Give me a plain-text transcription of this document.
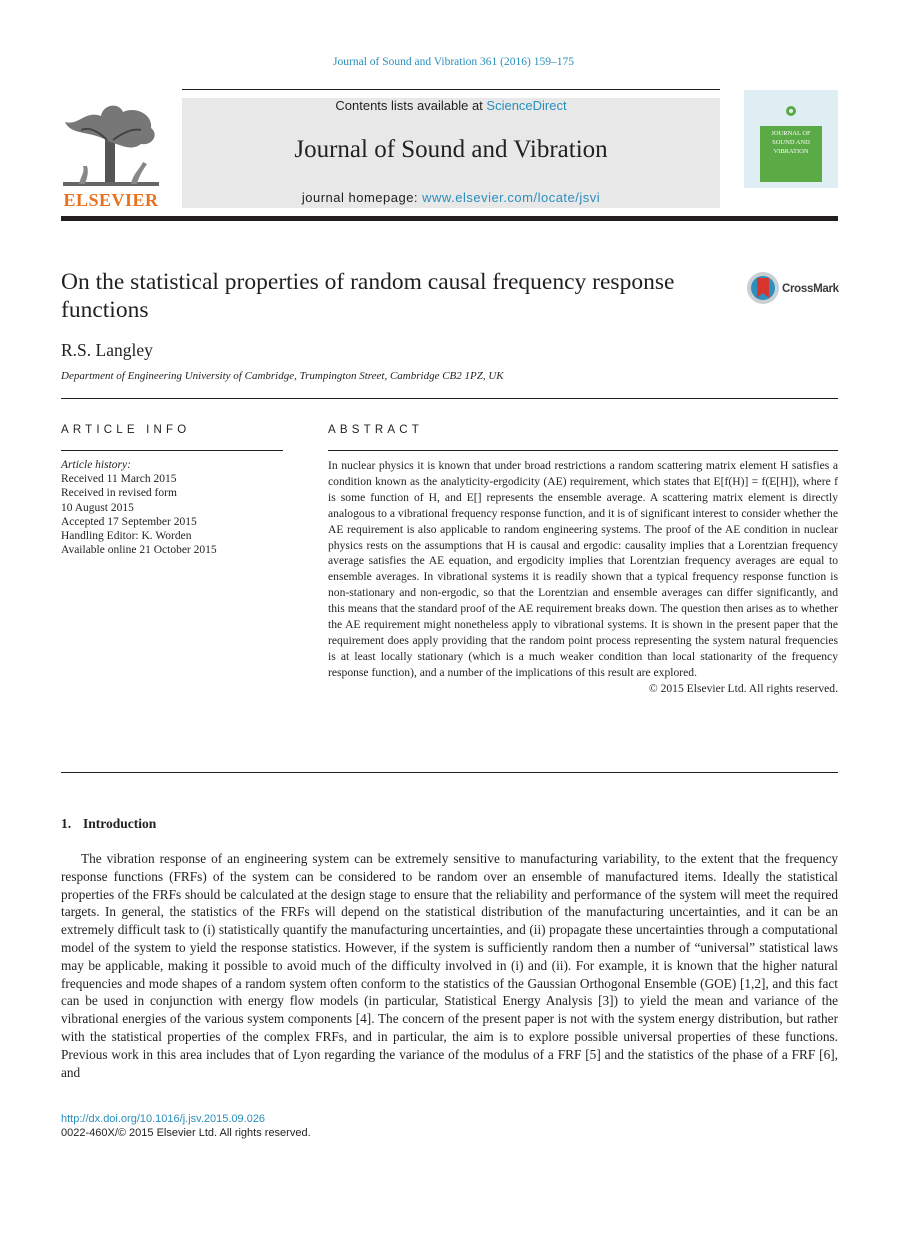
Journal of Sound and Vibration 361 (2016) 159–175
ELSEVIER
Contents lists available at ScienceDirect
Journal of Sound and Vibration
journal homepage: www.elsevier.com/locate/jsvi
JOURNAL OF SOUND AND VIBRATION
On the statistical properties of random causal frequency response functions
CrossMark
R.S. Langley
Department of Engineering University of Cambridge, Trumpington Street, Cambridge CB2 1PZ, UK
ARTICLE INFO	ABSTRACT
Article history:
Received 11 March 2015
Received in revised form
10 August 2015
Accepted 17 September 2015
Handling Editor: K. Worden
Available online 21 October 2015

In nuclear physics it is known that under broad restrictions a random scattering matrix element H satisfies a condition known as the analyticity-ergodicity (AE) requirement, which states that E[f(H)] = f(E[H]), where f is some function of H, and E[] represents the ensemble average. A scattering matrix element is directly analogous to a vibrational frequency response function, and it is of significant interest to consider whether the AE requirement is also applicable to random engineering systems. The proof of the AE condition in nuclear physics rests on the assumptions that H is causal and ergodic: causality implies that a Lorentzian frequency average satisfies the AE equation, and ergodicity implies that Lorentzian frequency averages are equal to ensemble averages. In vibrational systems it is readily shown that a typical frequency response function is non-stationary and non-ergodic, so that the Lorentzian and ensemble averages can differ significantly, and this means that the standard proof of the AE requirement breaks down. The question then arises as to whether the AE requirement might nonetheless apply to vibrational systems. It is shown in the present paper that the requirement does apply providing that the random point process representing the system natural frequencies is at least locally stationary (which is a much weaker condition than local stationarity of the frequency response function), and a number of the implications of this result are explored.

© 2015 Elsevier Ltd. All rights reserved.
1. Introduction

The vibration response of an engineering system can be extremely sensitive to manufacturing variability, to the extent that the frequency response functions (FRFs) of the system can be considered to be random over an ensemble of manufactured items. Ideally the statistical properties of the FRFs should be calculated at the design stage to ensure that the reliability and performance of the system will meet the required targets. In general, the statistics of the FRFs will depend on the statistical distribution of the manufacturing uncertainties, and it can be an extremely difficult task to (i) statistically quantify the manufacturing uncertainties, and (ii) propagate these uncertainties through a computational model of the system to yield the response statistics. However, if the system is sufficiently random then a number of “universal” statistical laws may be applicable, making it possible to avoid much of the difficulty involved in (i) and (ii). For example, it is known that the higher natural frequencies and mode shapes of a random system often conform to the statistics of the Gaussian Orthogonal Ensemble (GOE) [1,2], and this fact can be used in conjunction with energy flow models (in particular, Statistical Energy Analysis [3]) to yield the mean and variance of the vibrational energies of the various system components [4]. The concern of the present paper is not with the system energy distribution, but rather with the statistical properties of the complex FRFs, and in particular, the aim is to explore possible universal properties of these functions. Previous work in this area includes that of Lyon regarding the variance of the modulus of a FRF [5] and the statistics of the phase of a FRF [6], and

http://dx.doi.org/10.1016/j.jsv.2015.09.026
0022-460X/© 2015 Elsevier Ltd. All rights reserved.
